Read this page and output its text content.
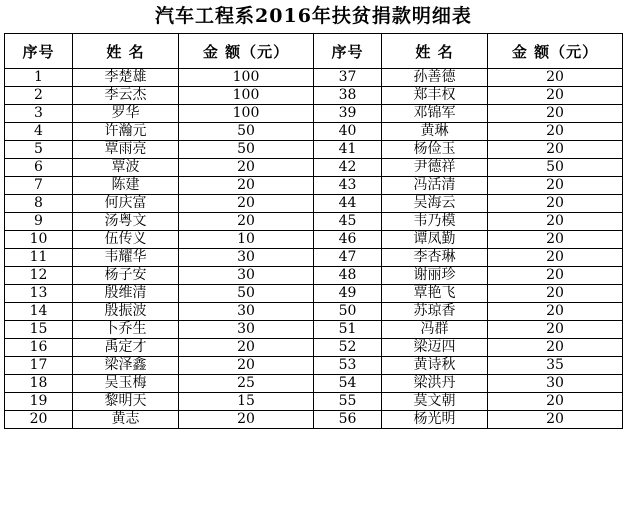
汽车工程系2016年扶贫捐款明细表
序号	姓 名	金 额（元）	序号	姓 名	金 额（元）
1	李楚雄	100	37	孙善德	20
2	李云杰	100	38	郑丰权	20
3	罗华	100	39	邓锦军	20
4	许瀚元	50	40	黄琳	20
5	覃雨亮	50	41	杨俭玉	20
6	覃波	20	42	尹德祥	50
7	陈建	20	43	冯活清	20
8	何庆富	20	44	吴海云	20
9	汤粤文	20	45	韦乃模	20
10	伍传义	10	46	谭凤勤	20
11	韦耀华	30	47	李杏琳	20
12	杨子安	30	48	谢丽珍	20
13	殷维清	50	49	覃艳飞	20
14	殷振波	30	50	苏琼香	20
15	卜乔生	30	51	冯群	20
16	禹定才	20	52	梁迈四	20
17	梁泽鑫	20	53	黄诗秋	35
18	吴玉梅	25	54	梁洪丹	30
19	黎明天	15	55	莫文朝	20
20	黄志	20	56	杨光明	20
